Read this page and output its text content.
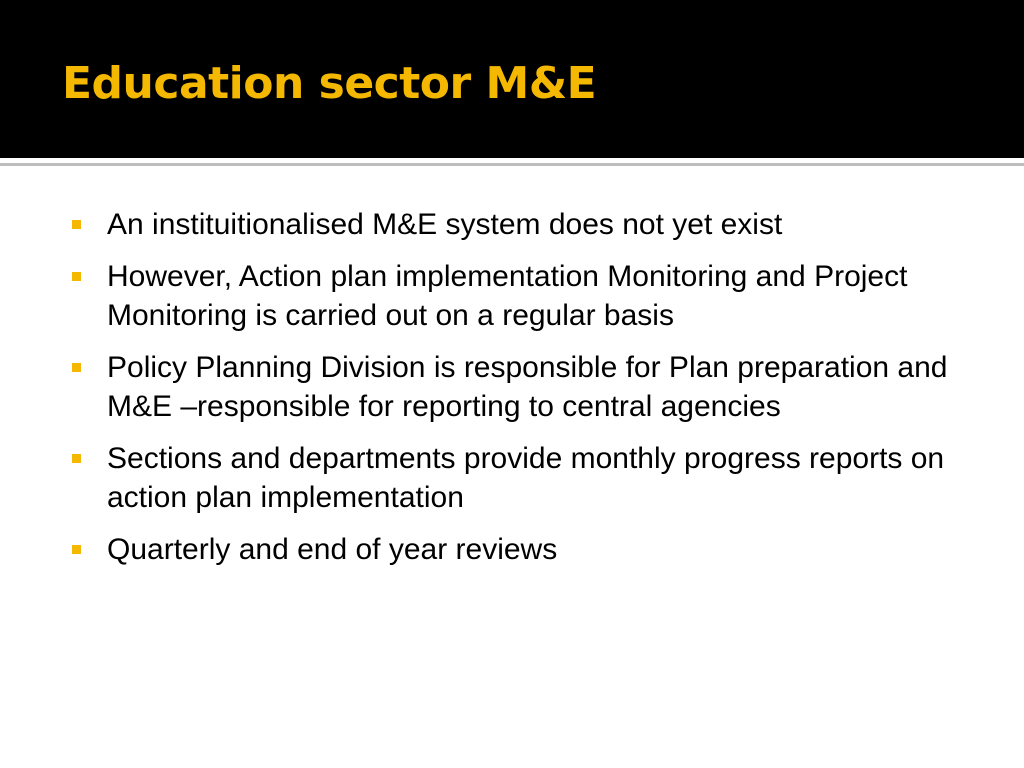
Education sector M&E
An instituitionalised M&E system does not yet exist
However, Action plan implementation Monitoring and Project Monitoring is carried out on a regular basis
Policy Planning Division is responsible for Plan preparation and M&E –responsible for reporting to central agencies
Sections and departments provide monthly progress reports on action plan implementation
Quarterly and end of year reviews
